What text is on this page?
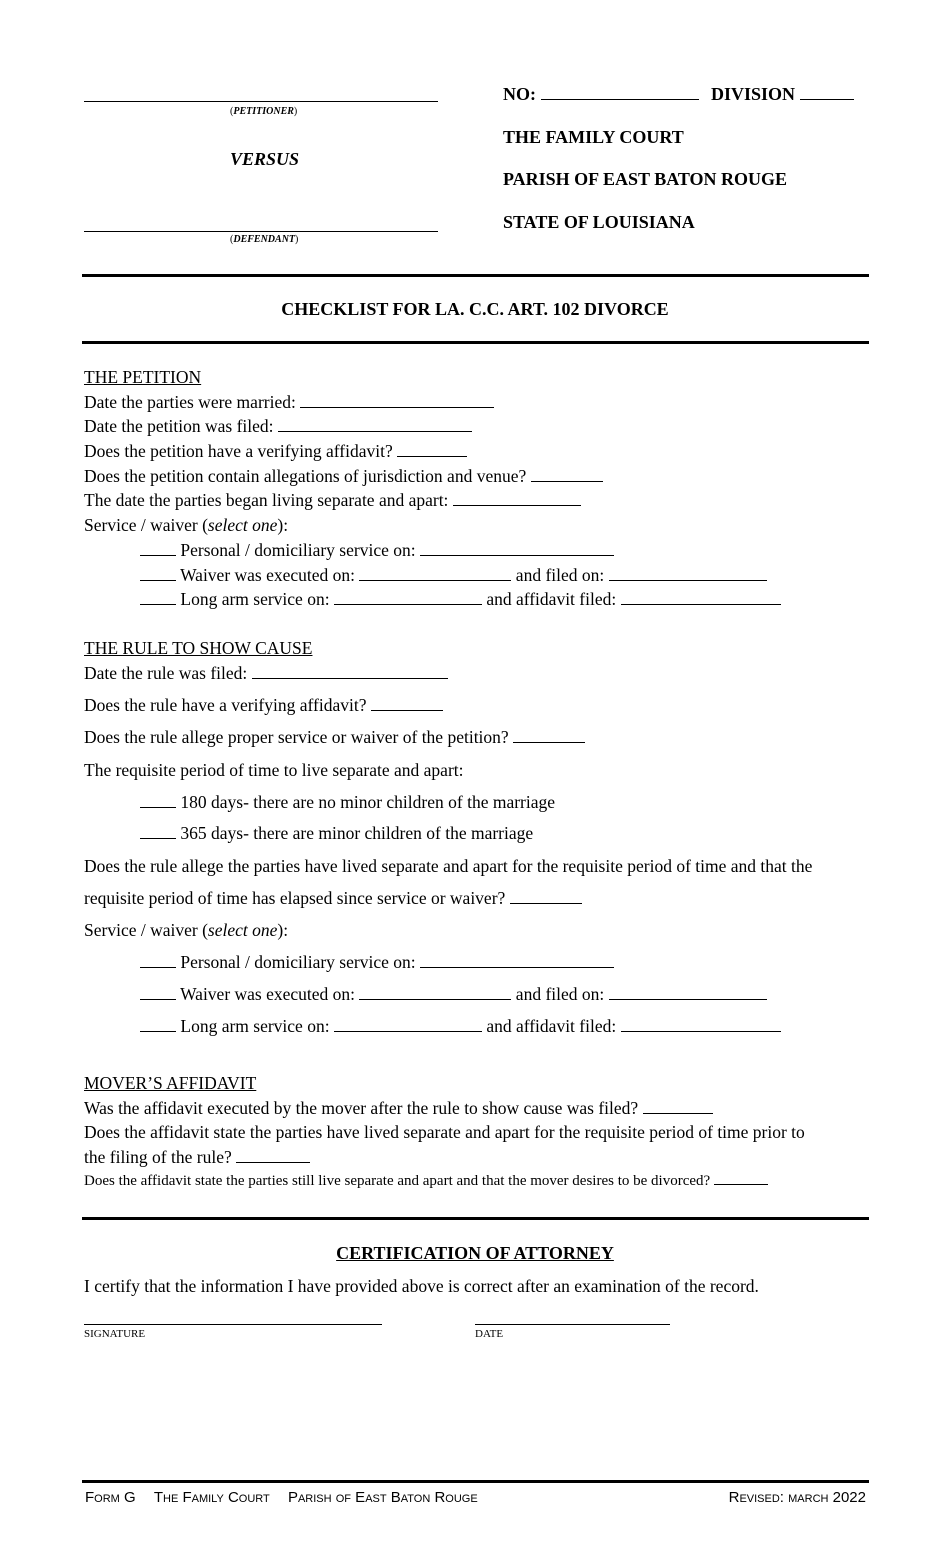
(PETITIONER)
VERSUS
(DEFENDANT)
NO:	DIVISION
THE FAMILY COURT
PARISH OF EAST BATON ROUGE
STATE OF LOUISIANA
CHECKLIST FOR LA. C.C. ART. 102 DIVORCE
THE PETITION
Date the parties were married:
Date the petition was filed:
Does the petition have a verifying affidavit?
Does the petition contain allegations of jurisdiction and venue?
The date the parties began living separate and apart:
Service / waiver (select one):
Personal / domiciliary service on:
Waiver was executed on:	and filed on:
Long arm service on:	and affidavit filed:
THE RULE TO SHOW CAUSE
Date the rule was filed:
Does the rule have a verifying affidavit?
Does the rule allege proper service or waiver of the petition?
The requisite period of time to live separate and apart:
180 days- there are no minor children of the marriage
365 days- there are minor children of the marriage
Does the rule allege the parties have lived separate and apart for the requisite period of time and that the
requisite period of time has elapsed since service or waiver?
Service / waiver (select one):
Personal / domiciliary service on:
Waiver was executed on:	and filed on:
Long arm service on:	and affidavit filed:
MOVER’S AFFIDAVIT
Was the affidavit executed by the mover after the rule to show cause was filed?
Does the affidavit state the parties have lived separate and apart for the requisite period of time prior to
the filing of the rule?
Does the affidavit state the parties still live separate and apart and that the mover desires to be divorced?
CERTIFICATION OF ATTORNEY
I certify that the information I have provided above is correct after an examination of the record.
SIGNATURE	DATE
Form G The Family Court Parish of East Baton Rouge	Revised: march 2022
